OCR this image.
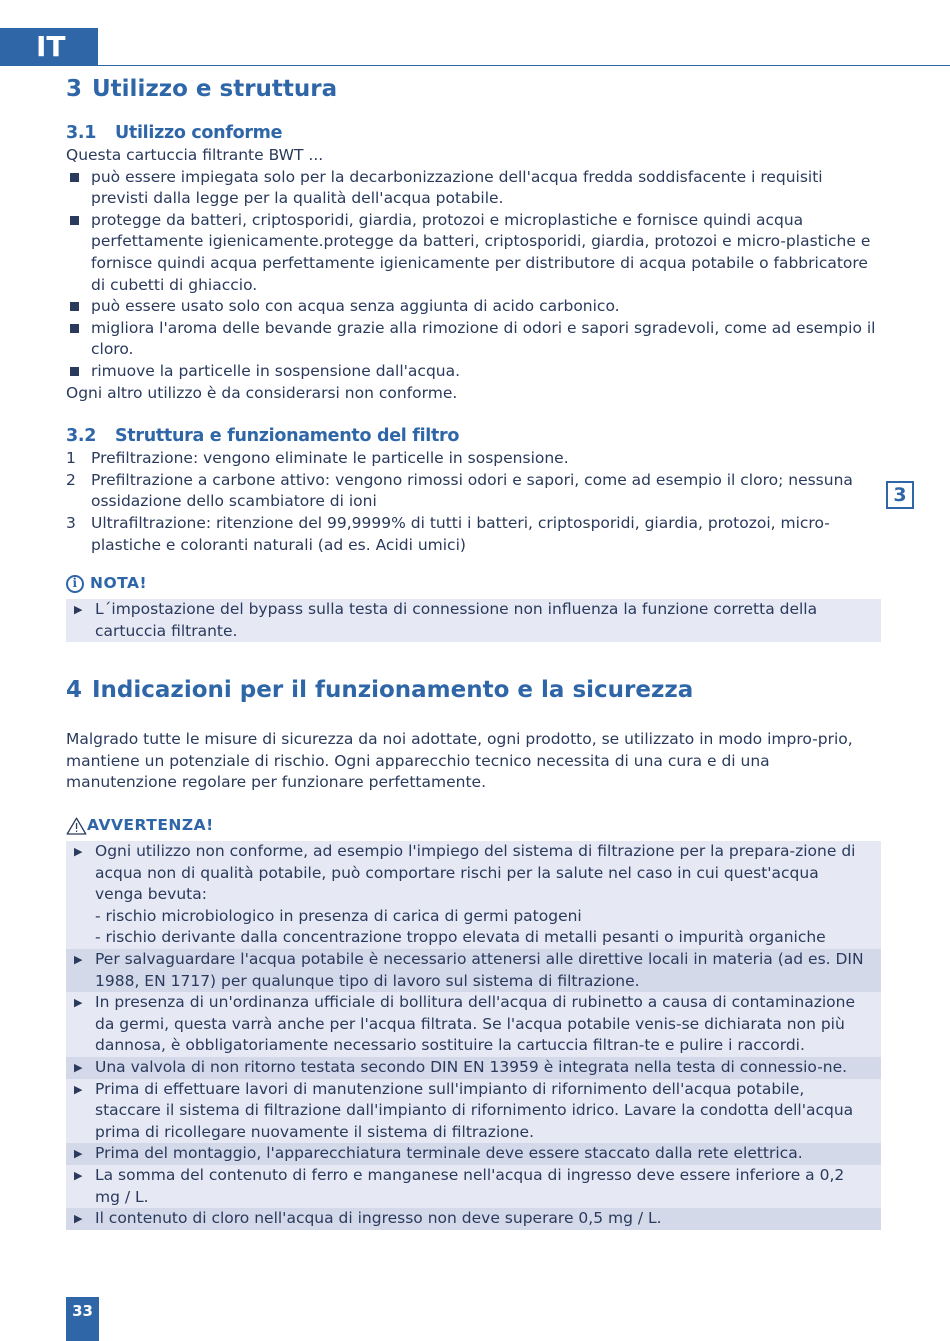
IT
3 Utilizzo e struttura
3.1 Utilizzo conforme

Questa cartuccia filtrante BWT ...

può essere impiegata solo per la decarbonizzazione dell'acqua fredda soddisfacente i requisiti previsti dalla legge per la qualità dell'acqua potabile.
protegge da batteri, criptosporidi, giardia, protozoi e microplastiche e fornisce quindi acqua perfettamente igienicamente.protegge da batteri, criptosporidi, giardia, protozoi e micro-plastiche e fornisce quindi acqua perfettamente igienicamente per distributore di acqua potabile o fabbricatore di cubetti di ghiaccio.
può essere usato solo con acqua senza aggiunta di acido carbonico.
migliora l'aroma delle bevande grazie alla rimozione di odori e sapori sgradevoli, come ad esempio il cloro.
rimuove la particelle in sospensione dall'acqua.

Ogni altro utilizzo è da considerarsi non conforme.

3.2 Struttura e funzionamento del filtro
1 Prefiltrazione: vengono eliminate le particelle in sospensione.
2 Prefiltrazione a carbone attivo: vengono rimossi odori e sapori, come ad esempio il cloro; nessuna ossidazione dello scambiatore di ioni
3 Ultrafiltrazione: ritenzione del 99,9999% di tutti i batteri, criptosporidi, giardia, protozoi, micro-plastiche e coloranti naturali (ad es. Acidi umici)
i NOTA!
▶ L´impostazione del bypass sulla testa di connessione non influenza la funzione corretta della cartuccia filtrante.
4 Indicazioni per il funzionamento e la sicurezza

Malgrado tutte le misure di sicurezza da noi adottate, ogni prodotto, se utilizzato in modo impro-prio, mantiene un potenziale di rischio. Ogni apparecchio tecnico necessita di una cura e di una manutenzione regolare per funzionare perfettamente.

AVVERTENZA!
▶ Ogni utilizzo non conforme, ad esempio l'impiego del sistema di filtrazione per la prepara-zione di acqua non di qualità potabile, può comportare rischi per la salute nel caso in cui quest'acqua venga bevuta:
- rischio microbiologico in presenza di carica di germi patogeni
- rischio derivante dalla concentrazione troppo elevata di metalli pesanti o impurità organiche
▶ Per salvaguardare l'acqua potabile è necessario attenersi alle direttive locali in materia (ad es. DIN 1988, EN 1717) per qualunque tipo di lavoro sul sistema di filtrazione.
▶ In presenza di un'ordinanza ufficiale di bollitura dell'acqua di rubinetto a causa di contaminazione da germi, questa varrà anche per l'acqua filtrata. Se l'acqua potabile venis-se dichiarata non più dannosa, è obbligatoriamente necessario sostituire la cartuccia filtran-te e pulire i raccordi.
▶ Una valvola di non ritorno testata secondo DIN EN 13959 è integrata nella testa di connessio-ne.
▶ Prima di effettuare lavori di manutenzione sull'impianto di rifornimento dell'acqua potabile, staccare il sistema di filtrazione dall'impianto di rifornimento idrico. Lavare la condotta dell'acqua prima di ricollegare nuovamente il sistema di filtrazione.
▶ Prima del montaggio, l'apparecchiatura terminale deve essere staccato dalla rete elettrica.
▶ La somma del contenuto di ferro e manganese nell'acqua di ingresso deve essere inferiore a 0,2 mg / L.
▶ Il contenuto di cloro nell'acqua di ingresso non deve superare 0,5 mg / L.
3
33
